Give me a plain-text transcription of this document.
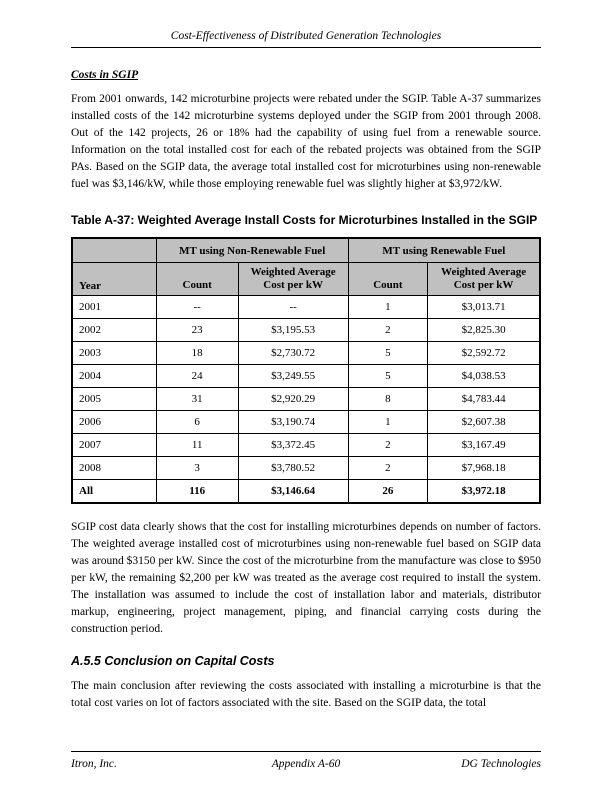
Cost-Effectiveness of Distributed Generation Technologies
Costs in SGIP

From 2001 onwards, 142 microturbine projects were rebated under the SGIP. Table A-37 summarizes installed costs of the 142 microturbine systems deployed under the SGIP from 2001 through 2008. Out of the 142 projects, 26 or 18% had the capability of using fuel from a renewable source. Information on the total installed cost for each of the rebated projects was obtained from the SGIP PAs. Based on the SGIP data, the average total installed cost for microturbines using non-renewable fuel was $3,146/kW, while those employing renewable fuel was slightly higher at $3,972/kW.

Table A-37: Weighted Average Install Costs for Microturbines Installed in the SGIP
	MT using Non-Renewable Fuel		MT using Renewable Fuel	
Year	Count	Weighted Average Cost per kW	Count	Weighted Average Cost per kW
2001	--	--	1	$3,013.71
2002	23	$3,195.53	2	$2,825.30
2003	18	$2,730.72	5	$2,592.72
2004	24	$3,249.55	5	$4,038.53
2005	31	$2,920.29	8	$4,783.44
2006	6	$3,190.74	1	$2,607.38
2007	11	$3,372.45	2	$3,167.49
2008	3	$3,780.52	2	$7,968.18
All	116	$3,146.64	26	$3,972.18

SGIP cost data clearly shows that the cost for installing microturbines depends on number of factors. The weighted average installed cost of microturbines using non-renewable fuel based on SGIP data was around $3150 per kW. Since the cost of the microturbine from the manufacture was close to $950 per kW, the remaining $2,200 per kW was treated as the average cost required to install the system. The installation was assumed to include the cost of installation labor and materials, distributor markup, engineering, project management, piping, and financial carrying costs during the construction period.

A.5.5 Conclusion on Capital Costs

The main conclusion after reviewing the costs associated with installing a microturbine is that the total cost varies on lot of factors associated with the site. Based on the SGIP data, the total

Itron, Inc.	Appendix A-60	DG Technologies
